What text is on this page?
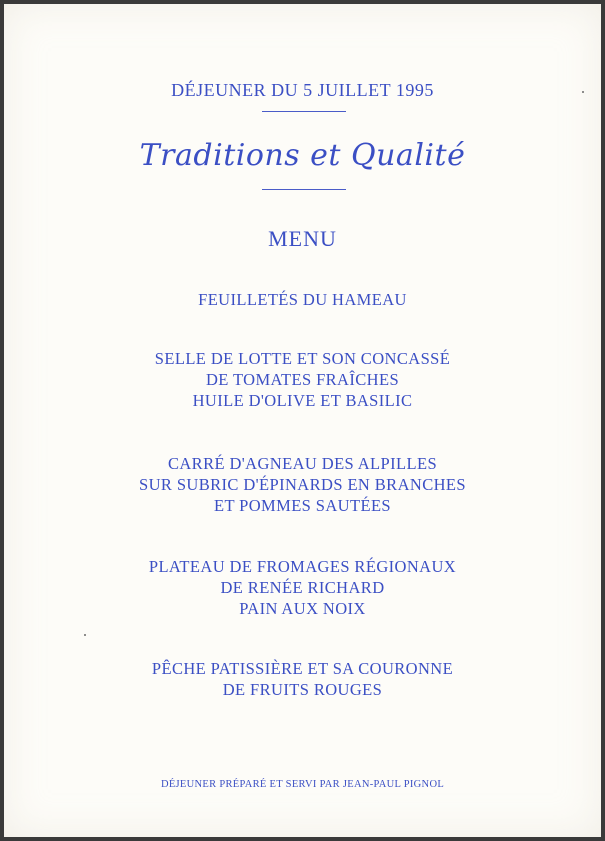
DÉJEUNER DU 5 JUILLET 1995
Traditions et Qualité
MENU
FEUILLETÉS DU HAMEAU
SELLE DE LOTTE ET SON CONCASSÉ
DE TOMATES FRAÎCHES
HUILE D'OLIVE ET BASILIC
CARRÉ D'AGNEAU DES ALPILLES
SUR SUBRIC D'ÉPINARDS EN BRANCHES
ET POMMES SAUTÉES
PLATEAU DE FROMAGES RÉGIONAUX
DE RENÉE RICHARD
PAIN AUX NOIX
PÊCHE PATISSIÈRE ET SA COURONNE
DE FRUITS ROUGES
DÉJEUNER PRÉPARÉ ET SERVI PAR JEAN-PAUL PIGNOL
